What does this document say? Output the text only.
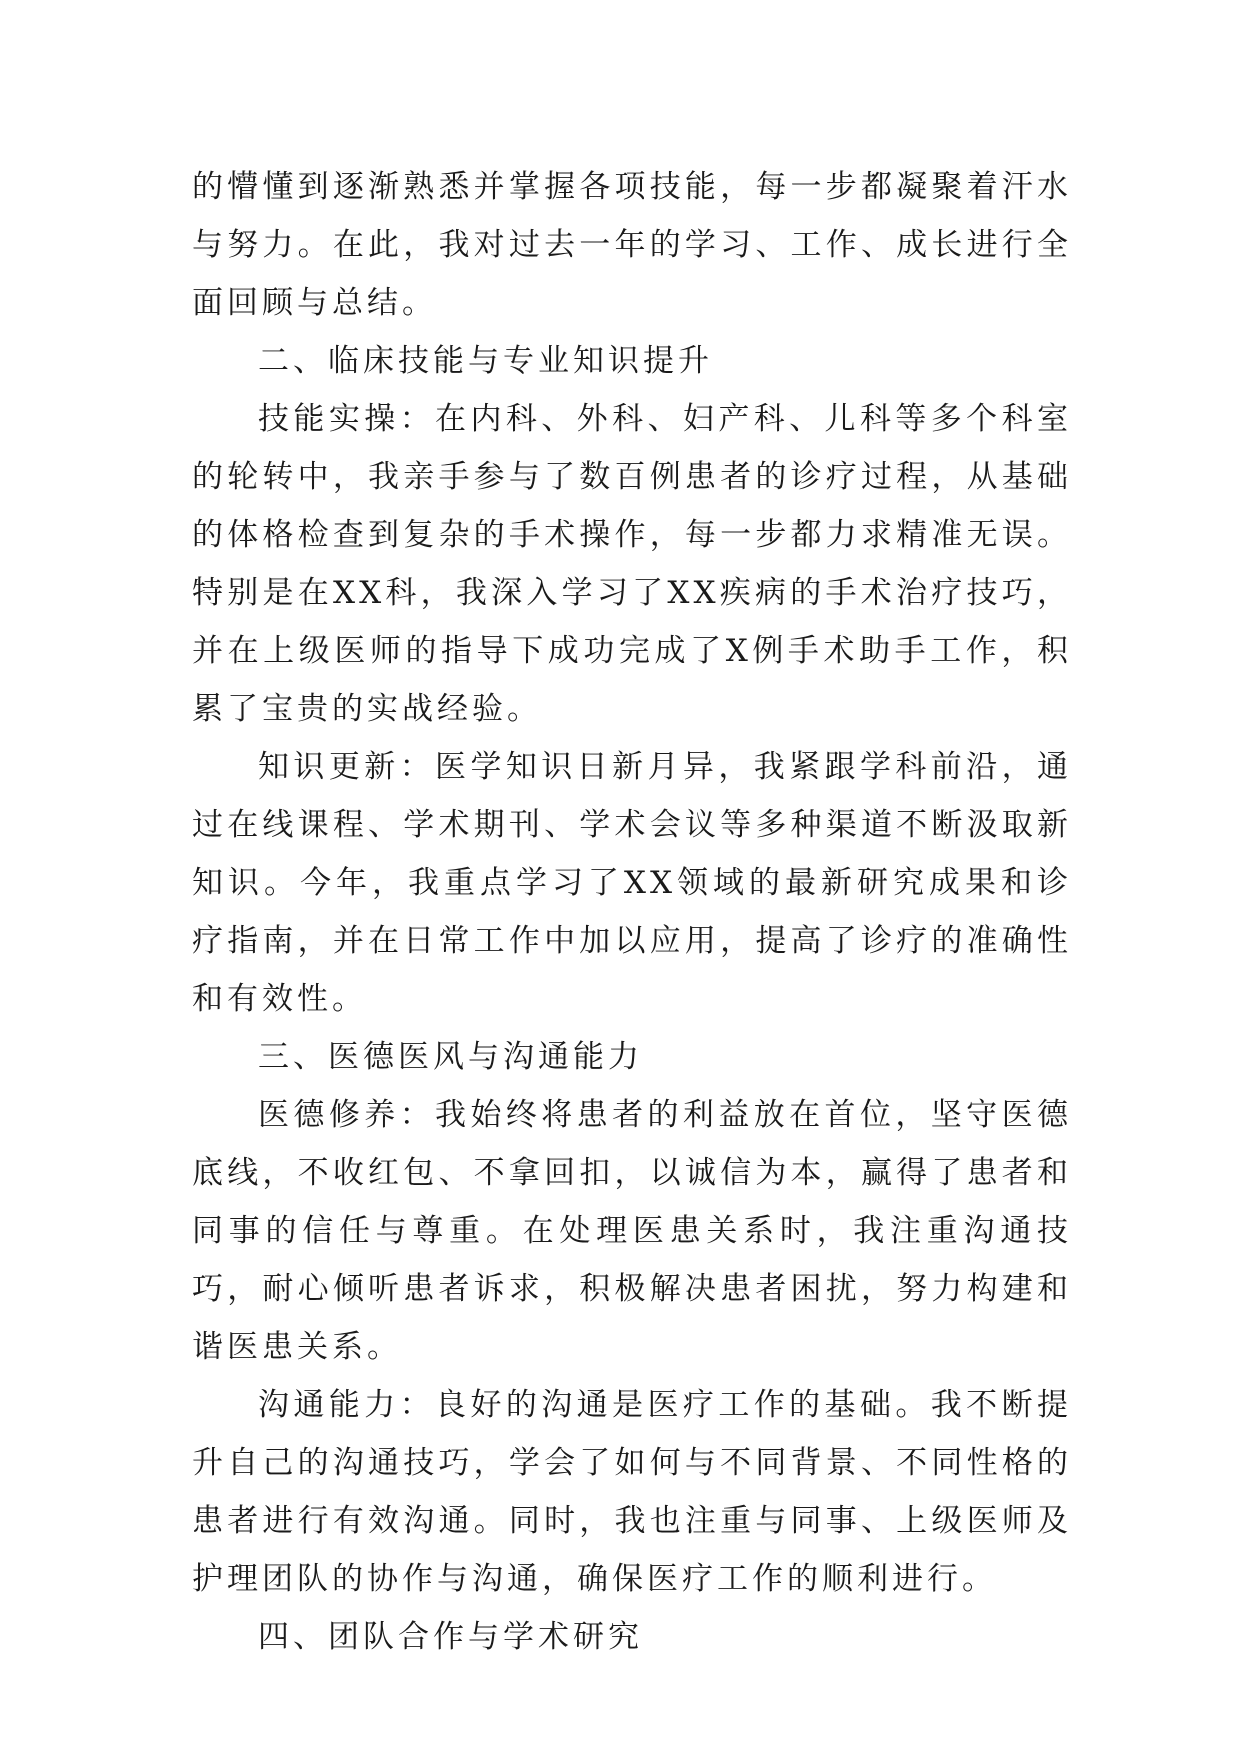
的懵懂到逐渐熟悉并掌握各项技能，每一步都凝聚着汗水与努力。在此，我对过去一年的学习、工作、成长进行全面回顾与总结。

二、临床技能与专业知识提升

技能实操：在内科、外科、妇产科、儿科等多个科室的轮转中，我亲手参与了数百例患者的诊疗过程，从基础的体格检查到复杂的手术操作，每一步都力求精准无误。特别是在XX科，我深入学习了XX疾病的手术治疗技巧，并在上级医师的指导下成功完成了X例手术助手工作，积累了宝贵的实战经验。

知识更新：医学知识日新月异，我紧跟学科前沿，通过在线课程、学术期刊、学术会议等多种渠道不断汲取新知识。今年，我重点学习了XX领域的最新研究成果和诊疗指南，并在日常工作中加以应用，提高了诊疗的准确性和有效性。

三、医德医风与沟通能力

医德修养：我始终将患者的利益放在首位，坚守医德底线，不收红包、不拿回扣，以诚信为本，赢得了患者和同事的信任与尊重。在处理医患关系时，我注重沟通技巧，耐心倾听患者诉求，积极解决患者困扰，努力构建和谐医患关系。

沟通能力：良好的沟通是医疗工作的基础。我不断提升自己的沟通技巧，学会了如何与不同背景、不同性格的患者进行有效沟通。同时，我也注重与同事、上级医师及护理团队的协作与沟通，确保医疗工作的顺利进行。

四、团队合作与学术研究
